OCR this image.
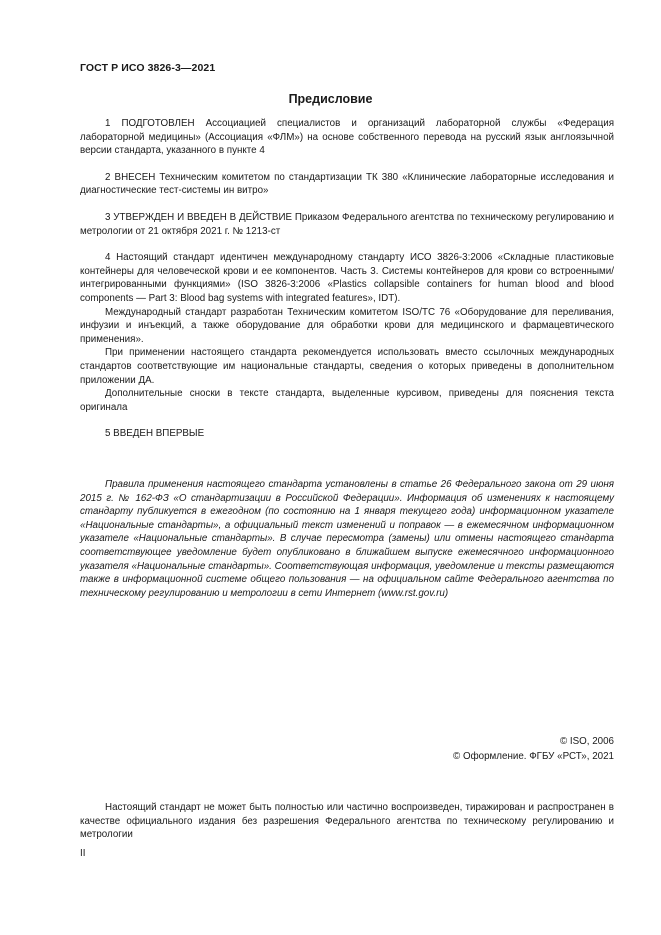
ГОСТ Р ИСО 3826-3—2021
Предисловие

1 ПОДГОТОВЛЕН Ассоциацией специалистов и организаций лабораторной службы «Федерация лабораторной медицины» (Ассоциация «ФЛМ») на основе собственного перевода на русский язык англоязычной версии стандарта, указанного в пункте 4

2 ВНЕСЕН Техническим комитетом по стандартизации ТК 380 «Клинические лабораторные исследования и диагностические тест-системы ин витро»

3 УТВЕРЖДЕН И ВВЕДЕН В ДЕЙСТВИЕ Приказом Федерального агентства по техническому регулированию и метрологии от 21 октября 2021 г. № 1213-ст

4 Настоящий стандарт идентичен международному стандарту ИСО 3826-3:2006 «Складные пластиковые контейнеры для человеческой крови и ее компонентов. Часть 3. Системы контейнеров для крови со встроенными/интегрированными функциями» (ISO 3826-3:2006 «Plastics collapsible containers for human blood and blood components — Part 3: Blood bag systems with integrated features», IDT).

Международный стандарт разработан Техническим комитетом ISO/TC 76 «Оборудование для переливания, инфузии и инъекций, а также оборудование для обработки крови для медицинского и фармацевтического применения».

При применении настоящего стандарта рекомендуется использовать вместо ссылочных международных стандартов соответствующие им национальные стандарты, сведения о которых приведены в дополнительном приложении ДА.

Дополнительные сноски в тексте стандарта, выделенные курсивом, приведены для пояснения текста оригинала

5 ВВЕДЕН ВПЕРВЫЕ

Правила применения настоящего стандарта установлены в статье 26 Федерального закона от 29 июня 2015 г. № 162-ФЗ «О стандартизации в Российской Федерации». Информация об изменениях к настоящему стандарту публикуется в ежегодном (по состоянию на 1 января текущего года) информационном указателе «Национальные стандарты», а официальный текст изменений и поправок — в ежемесячном информационном указателе «Национальные стандарты». В случае пересмотра (замены) или отмены настоящего стандарта соответствующее уведомление будет опубликовано в ближайшем выпуске ежемесячного информационного указателя «Национальные стандарты». Соответствующая информация, уведомление и тексты размещаются также в информационной системе общего пользования — на официальном сайте Федерального агентства по техническому регулированию и метрологии в сети Интернет (www.rst.gov.ru)

© ISO, 2006
© Оформление. ФГБУ «РСТ», 2021

Настоящий стандарт не может быть полностью или частично воспроизведен, тиражирован и распространен в качестве официального издания без разрешения Федерального агентства по техническому регулированию и метрологии

II
